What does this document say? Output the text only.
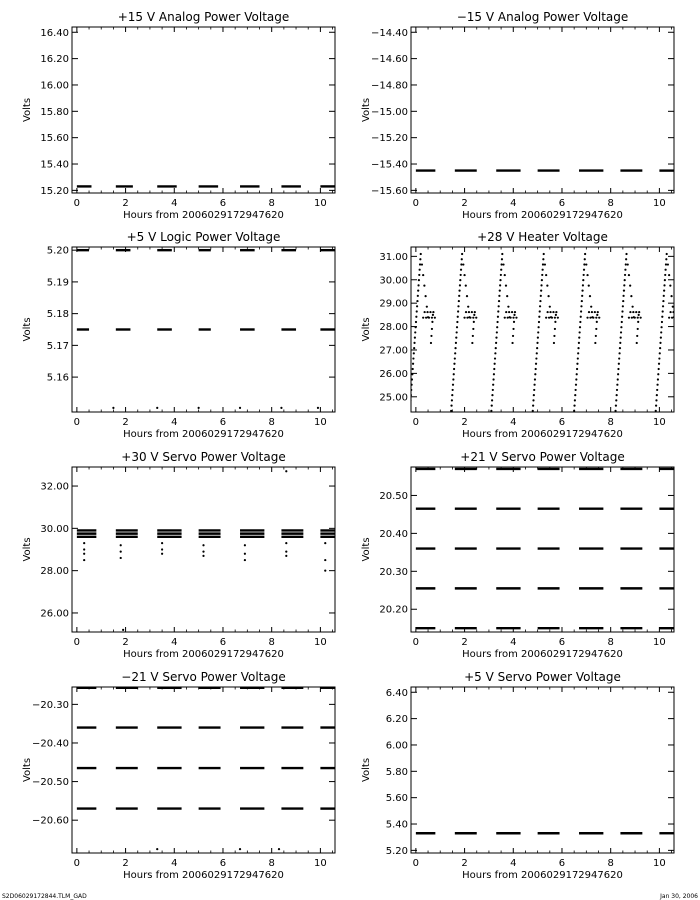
+15 V Analog Power Voltage
0	2	4	6	8	10
15.20
15.40
15.60
15.80
16.00
16.20
16.40
Hours from 2006029172947620
Volts
−15 V Analog Power Voltage
0	2	4	6	8	10
−15.60
−15.40
−15.20
−15.00
−14.80
−14.60
−14.40
Hours from 2006029172947620
Volts
+5 V Logic Power Voltage
0	2	4	6	8	10
5.16
5.17
5.18
5.19
5.20
Hours from 2006029172947620
Volts
+28 V Heater Voltage
0	2	4	6	8	10
25.00
26.00
27.00
28.00
29.00
30.00
31.00
Hours from 2006029172947620
Volts
+30 V Servo Power Voltage
0	2	4	6	8	10
26.00
28.00
30.00
32.00
Hours from 2006029172947620
Volts
+21 V Servo Power Voltage
0	2	4	6	8	10
20.20
20.30
20.40
20.50
Hours from 2006029172947620
Volts
−21 V Servo Power Voltage
0	2	4	6	8	10
−20.60
−20.50
−20.40
−20.30
Hours from 2006029172947620
Volts
+5 V Servo Power Voltage
0	2	4	6	8	10
5.20
5.40
5.60
5.80
6.00
6.20
6.40
Hours from 2006029172947620
Volts
S2D06029172844.TLM_GAD	Jan 30, 2006
